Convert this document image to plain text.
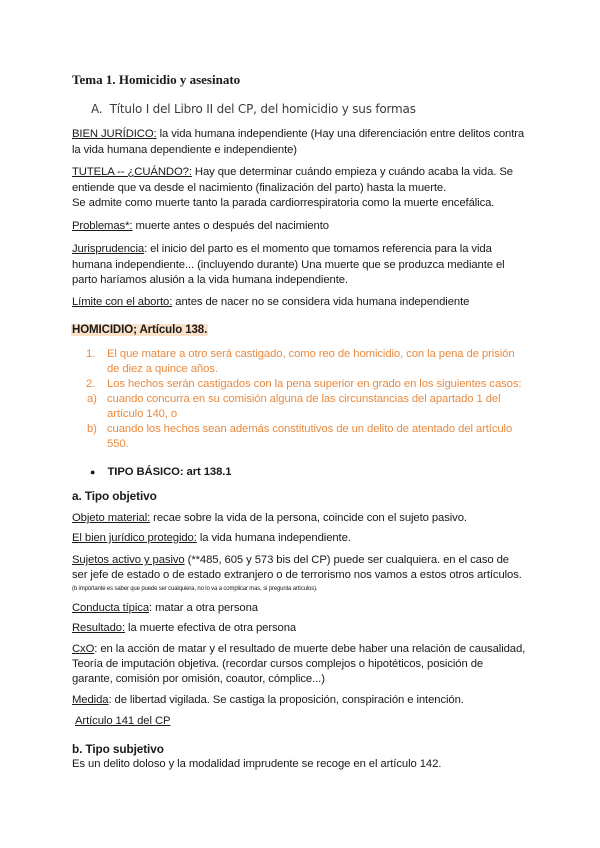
Tema 1. Homicidio y asesinato
A. Título I del Libro II del CP, del homicidio y sus formas
BIEN JURÍDICO: la vida humana independiente (Hay una diferenciación entre delitos contra
la vida humana dependiente e independiente)
TUTELA -- ¿CUÁNDO?: Hay que determinar cuándo empieza y cuándo acaba la vida. Se
entiende que va desde el nacimiento (finalización del parto) hasta la muerte.
Se admite como muerte tanto la parada cardiorrespiratoria como la muerte encefálica.
Problemas*: muerte antes o después del nacimiento
Jurisprudencia: el inicio del parto es el momento que tomamos referencia para la vida
humana independiente... (incluyendo durante) Una muerte que se produzca mediante el
parto haríamos alusión a la vida humana independiente.
Límite con el aborto: antes de nacer no se considera vida humana independiente
HOMICIDIO; Artículo 138.
1. El que matare a otro será castigado, como reo de homicidio, con la pena de prisión
de diez a quince años.
2. Los hechos serán castigados con la pena superior en grado en los siguientes casos:
a) cuando concurra en su comisión alguna de las circunstancias del apartado 1 del
artículo 140, o
b) cuando los hechos sean además constitutivos de un delito de atentado del artículo
550.
● TIPO BÁSICO: art 138.1
a. Tipo objetivo
Objeto material: recae sobre la vida de la persona, coincide con el sujeto pasivo.
El bien jurídico protegido: la vida humana independiente.
Sujetos activo y pasivo (**485, 605 y 573 bis del CP) puede ser cualquiera. en el caso de
ser jefe de estado o de estado extranjero o de terrorismo nos vamos a estos otros artículos.
(b importante es saber que puede ser cualquiera, no lo va a complicar mas, si pregunta artículos).
Conducta típica: matar a otra persona
Resultado: la muerte efectiva de otra persona
CxO: en la acción de matar y el resultado de muerte debe haber una relación de causalidad,
Teoría de imputación objetiva. (recordar cursos complejos o hipotéticos, posición de
garante, comisión por omisión, coautor, cómplice...)
Medida: de libertad vigilada. Se castiga la proposición, conspiración e intención.
Artículo 141 del CP
b. Tipo subjetivo
Es un delito doloso y la modalidad imprudente se recoge en el artículo 142.
